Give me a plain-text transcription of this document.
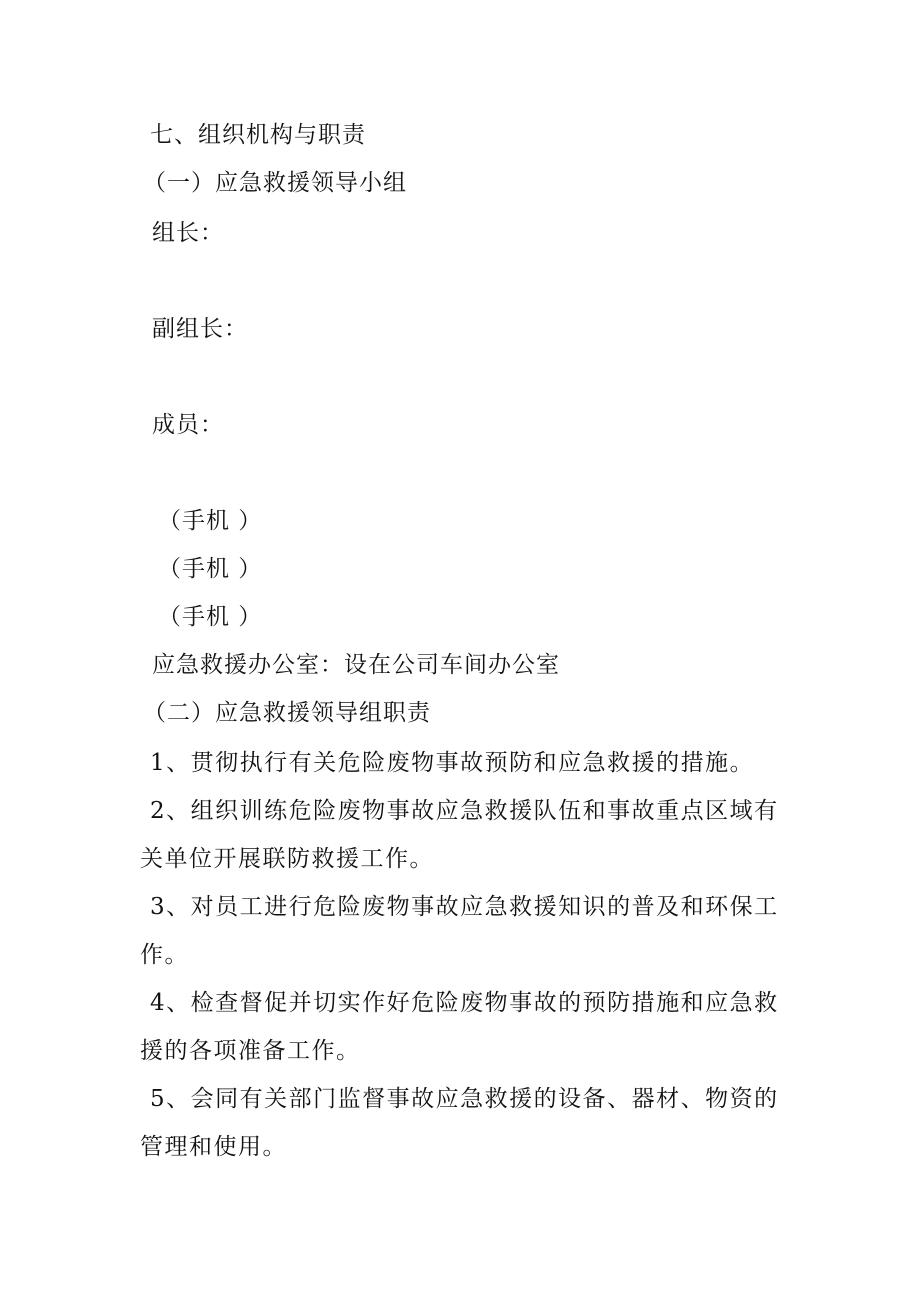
七、组织机构与职责
（一）应急救援领导小组
组长：
副组长：
成员：
（手机 ）
（手机 ）
（手机 ）
应急救援办公室：设在公司车间办公室
（二）应急救援领导组职责
1、贯彻执行有关危险废物事故预防和应急救援的措施。
2、组织训练危险废物事故应急救援队伍和事故重点区域有关单位开展联防救援工作。
3、对员工进行危险废物事故应急救援知识的普及和环保工作。
4、检查督促并切实作好危险废物事故的预防措施和应急救援的各项准备工作。
5、会同有关部门监督事故应急救援的设备、器材、物资的管理和使用。
